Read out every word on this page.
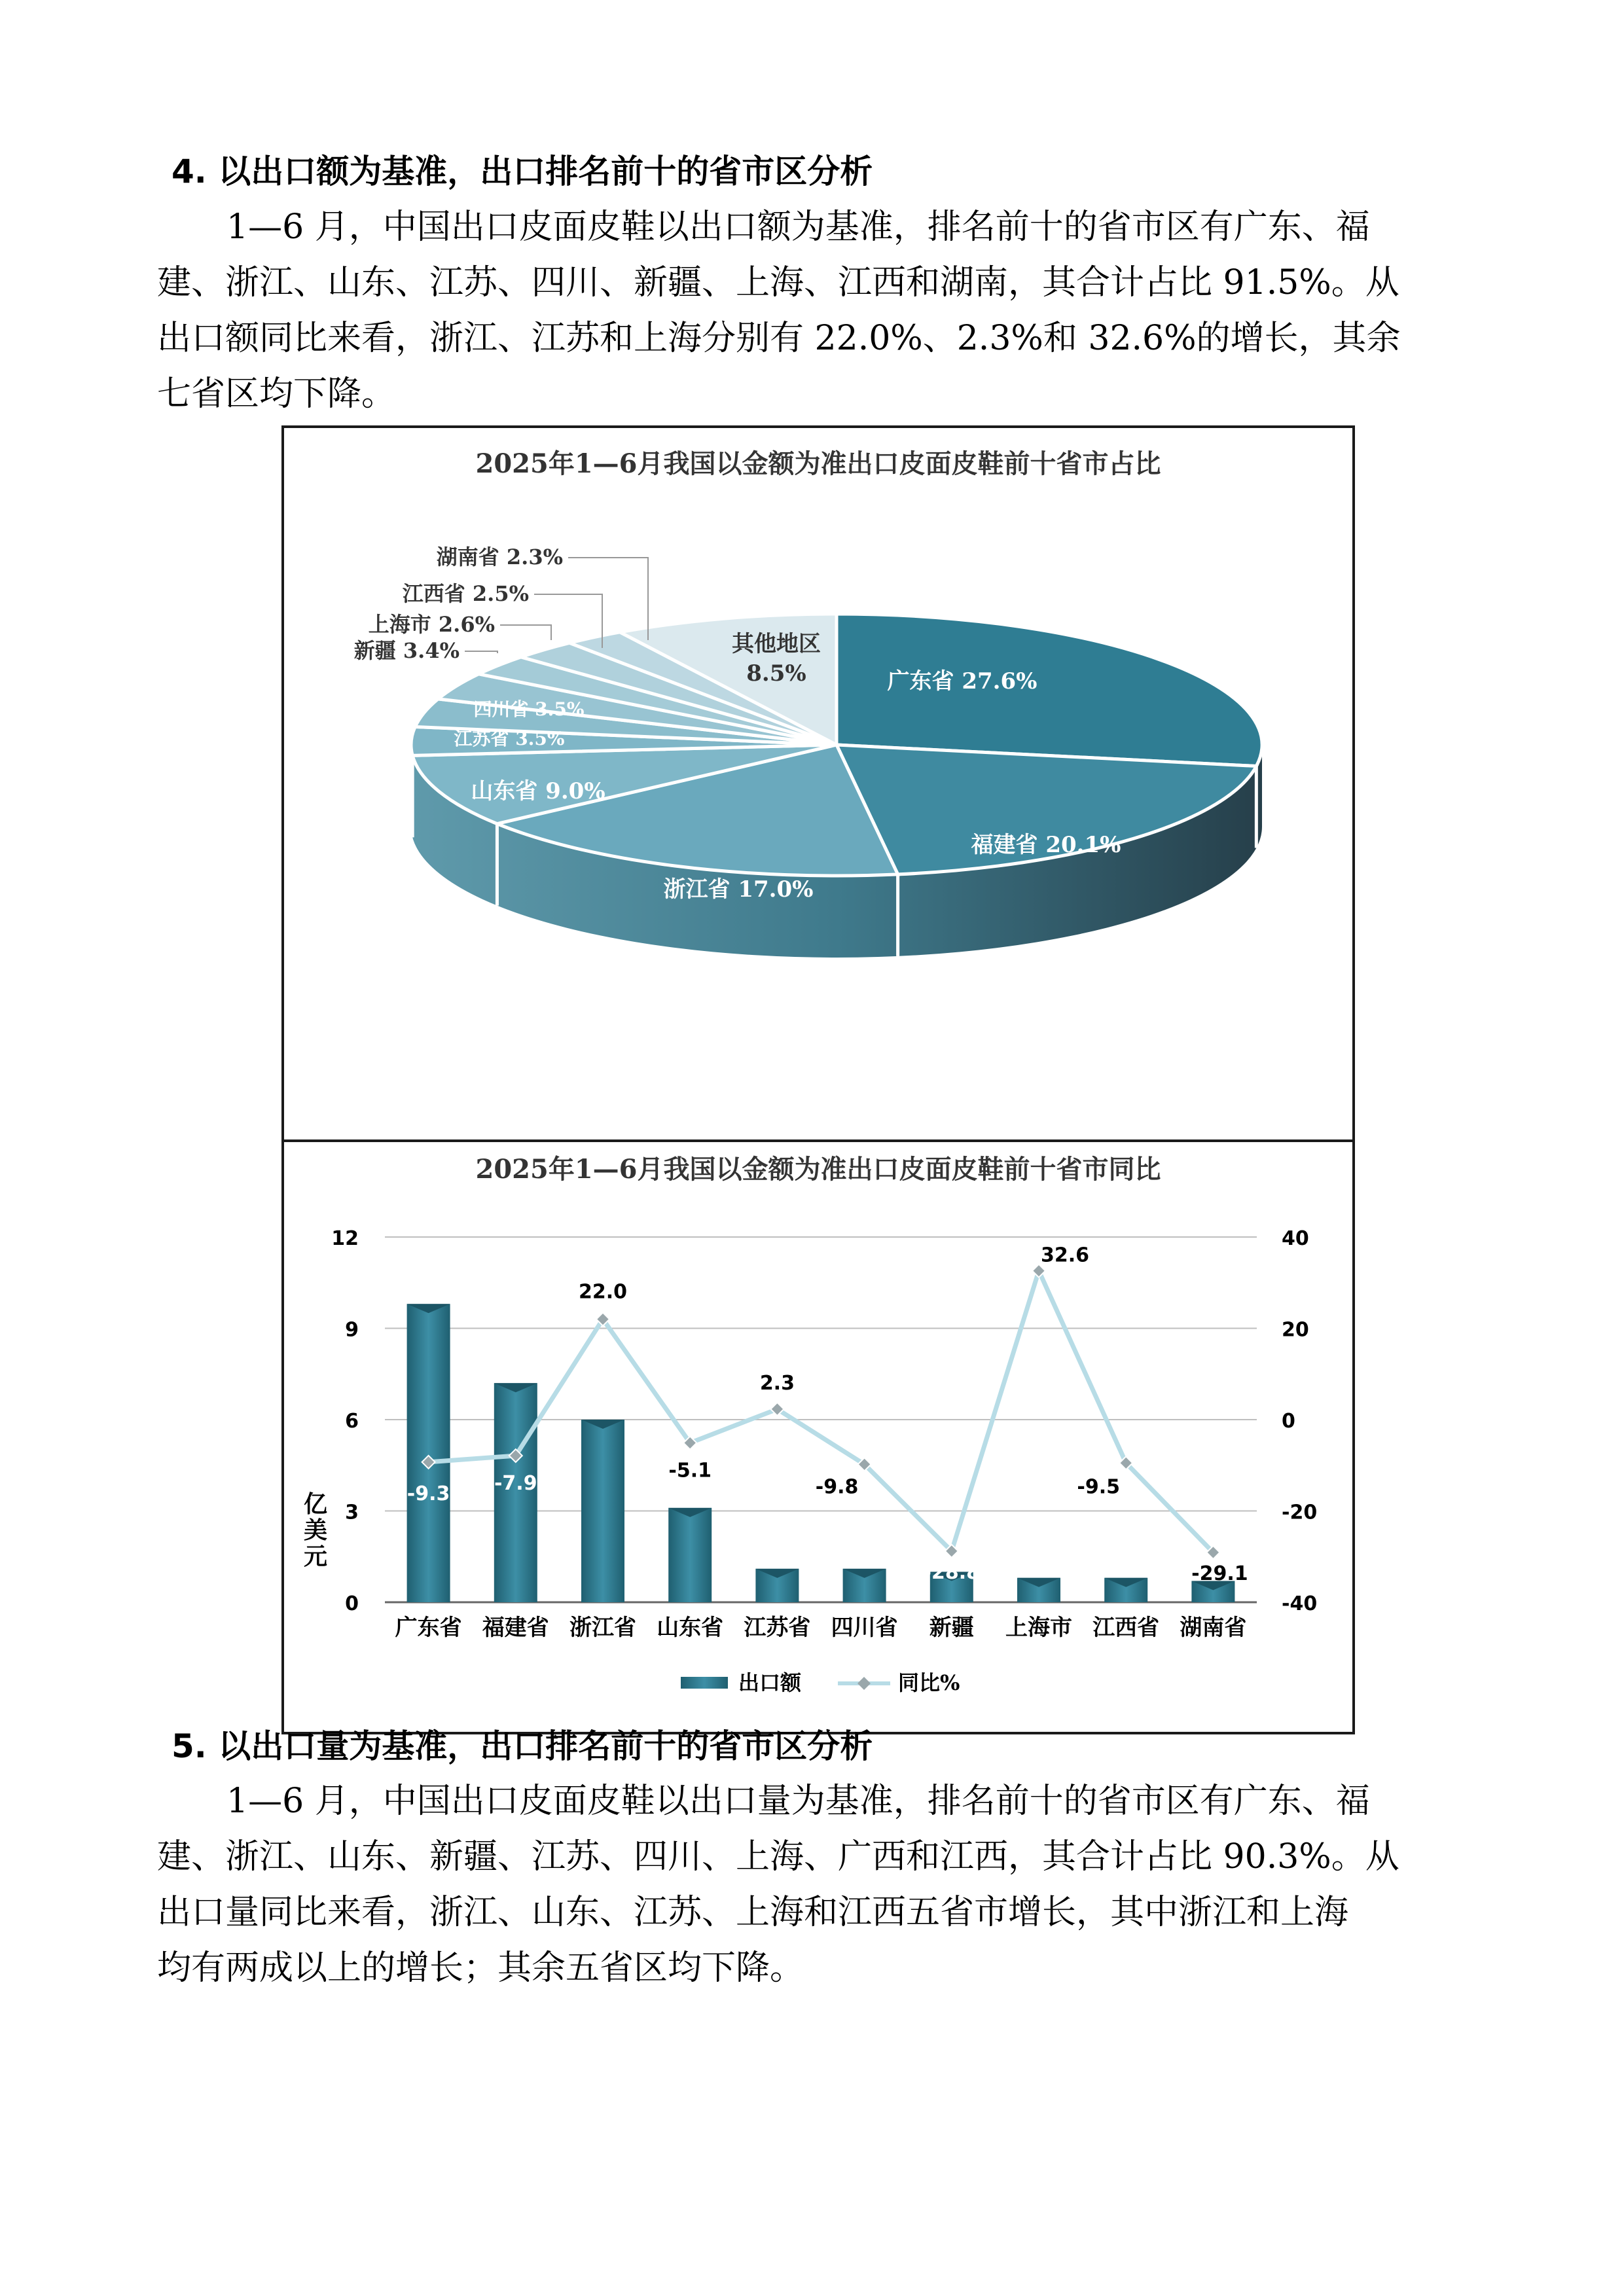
4. 以出口额为基准，出口排名前十的省市区分析
1—6 月，中国出口皮面皮鞋以出口额为基准，排名前十的省市区有广东、福
建、浙江、山东、江苏、四川、新疆、上海、江西和湖南，其合计占比 91.5%。从
出口额同比来看，浙江、江苏和上海分别有 22.0%、2.3%和 32.6%的增长，其余
七省区均下降。
2025年1—6月我国以金额为准出口皮面皮鞋前十省市占比
广东省 27.6%
福建省 20.1%
浙江省 17.0%
山东省 9.0%
江苏省 3.5%
四川省 3.5%
新疆 3.4%
上海市 2.6%
江西省 2.5%
湖南省 2.3%
其他地区
8.5%
2025年1—6月我国以金额为准出口皮面皮鞋前十省市同比
0
3
6
9
12
-40
-20
0
20
40
亿
美
元
广东省 福建省 浙江省 山东省 江苏省 四川省 新疆 上海市 江西省 湖南省
-9.3 -7.9
22.0
-5.1
2.3
-9.8
-28.8
32.6
-9.5
-29.1
出口额	同比%
5. 以出口量为基准，出口排名前十的省市区分析
1—6 月，中国出口皮面皮鞋以出口量为基准，排名前十的省市区有广东、福
建、浙江、山东、新疆、江苏、四川、上海、广西和江西，其合计占比 90.3%。从
出口量同比来看，浙江、山东、江苏、上海和江西五省市增长，其中浙江和上海
均有两成以上的增长；其余五省区均下降。
